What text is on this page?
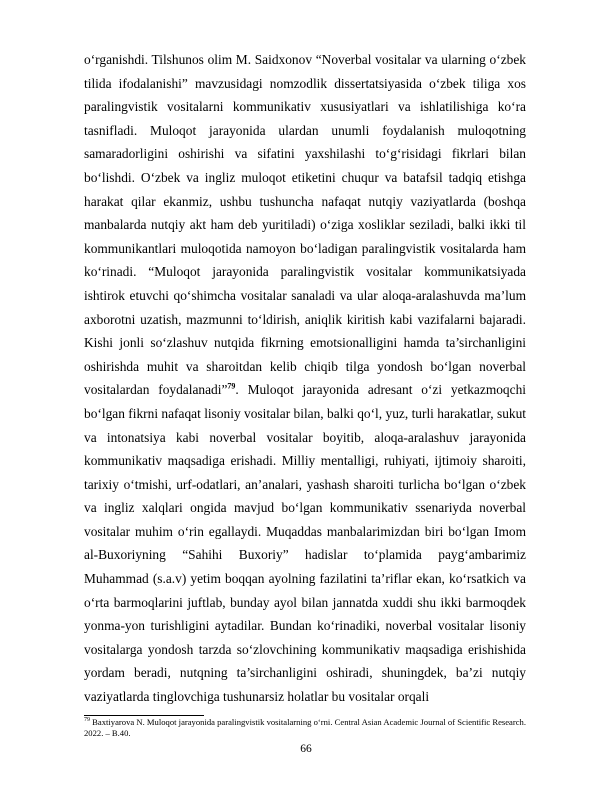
o‘rganishdi. Tilshunos olim M. Saidxonov “Noverbal vositalar va ularning o‘zbek tilida ifodalanishi” mavzusidagi nomzodlik dissertatsiyasida o‘zbek tiliga xos paralingvistik vositalarni kommunikativ xususiyatlari va ishlatilishiga ko‘ra tasnifladi. Muloqot jarayonida ulardan unumli foydalanish muloqotning samaradorligini oshirishi va sifatini yaxshilashi to‘g‘risidagi fikrlari bilan bo‘lishdi. O‘zbek va ingliz muloqot etiketini chuqur va batafsil tadqiq etishga harakat qilar ekanmiz, ushbu tushuncha nafaqat nutqiy vaziyatlarda (boshqa manbalarda nutqiy akt ham deb yuritiladi) o‘ziga xosliklar seziladi, balki ikki til kommunikantlari muloqotida namoyon bo‘ladigan paralingvistik vositalarda ham ko‘rinadi. “Muloqot jarayonida paralingvistik vositalar kommunikatsiyada ishtirok etuvchi qo‘shimcha vositalar sanaladi va ular aloqa-aralashuvda ma’lum axborotni uzatish, mazmunni to‘ldirish, aniqlik kiritish kabi vazifalarni bajaradi. Kishi jonli so‘zlashuv nutqida fikrning emotsionalligini hamda ta’sirchanligini oshirishda muhit va sharoitdan kelib chiqib tilga yondosh bo‘lgan noverbal vositalardan foydalanadi”$^{79}$. Muloqot jarayonida adresant o‘zi yetkazmoqchi bo‘lgan fikrni nafaqat lisoniy vositalar bilan, balki qo‘l, yuz, turli harakatlar, sukut va intonatsiya kabi noverbal vositalar boyitib, aloqa-aralashuv jarayonida kommunikativ maqsadiga erishadi. Milliy mentalligi, ruhiyati, ijtimoiy sharoiti, tarixiy o‘tmishi, urf-odatlari, an’analari, yashash sharoiti turlicha bo‘lgan o‘zbek va ingliz xalqlari ongida mavjud bo‘lgan kommunikativ ssenariyda noverbal vositalar muhim o‘rin egallaydi. Muqaddas manbalarimizdan biri bo‘lgan Imom al-Buxoriyning “Sahihi Buxoriy” hadislar to‘plamida payg‘ambarimiz Muhammad (s.a.v) yetim boqqan ayolning fazilatini ta’riflar ekan, ko‘rsatkich va o‘rta barmoqlarini juftlab, bunday ayol bilan jannatda xuddi shu ikki barmoqdek yonma-yon turishligini aytadilar. Bundan ko‘rinadiki, noverbal vositalar lisoniy vositalarga yondosh tarzda so‘zlovchining kommunikativ maqsadiga erishishida yordam beradi, nutqning ta’sirchanligini oshiradi, shuningdek, ba’zi nutqiy vaziyatlarda tinglovchiga tushunarsiz holatlar bu vositalar orqali

$^{79}$ Baxtiyarova N. Muloqot jarayonida paralingvistik vositalarning o‘rni. Central Asian Academic Journal of Scientific Research. 2022. – B.40.

66
